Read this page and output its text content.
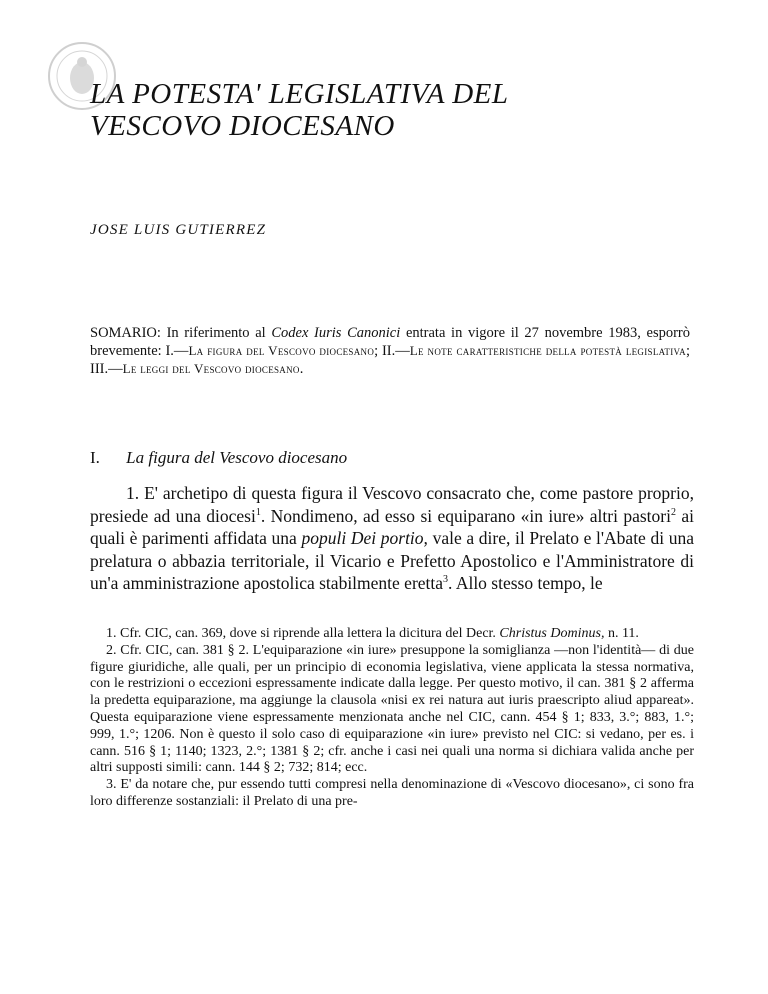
LA POTESTA' LEGISLATIVA DEL
VESCOVO DIOCESANO
JOSE LUIS GUTIERREZ
SOMARIO: In riferimento al Codex Iuris Canonici entrata in vigore il 27 novembre 1983, esporrò brevemente: I.—La figura del Vescovo diocesano; II.—Le note caratteristiche della potestà legislativa; III.—Le leggi del Vescovo diocesano.
I. La figura del Vescovo diocesano

1. E' archetipo di questa figura il Vescovo consacrato che, come pastore proprio, presiede ad una diocesi$^1$. Nondimeno, ad esso si equiparano «in iure» altri pastori$^2$ ai quali è parimenti affidata una populi Dei portio, vale a dire, il Prelato e l'Abate di una prelatura o abbazia territoriale, il Vicario e Prefetto Apostolico e l'Amministratore di un'a amministrazione apostolica stabilmente eretta$^3$. Allo stesso tempo, le

1. Cfr. CIC, can. 369, dove si riprende alla lettera la dicitura del Decr. Christus Dominus, n. 11.

2. Cfr. CIC, can. 381 § 2. L'equiparazione «in iure» presuppone la somiglianza —non l'identità— di due figure giuridiche, alle quali, per un principio di economia legislativa, viene applicata la stessa normativa, con le restrizioni o eccezioni espressamente indicate dalla legge. Per questo motivo, il can. 381 § 2 afferma la predetta equiparazione, ma aggiunge la clausola «nisi ex rei natura aut iuris praescripto aliud appareat». Questa equiparazione viene espressamente menzionata anche nel CIC, cann. 454 § 1; 833, 3.°; 883, 1.°; 999, 1.°; 1206. Non è questo il solo caso di equiparazione «in iure» previsto nel CIC: si vedano, per es. i cann. 516 § 1; 1140; 1323, 2.°; 1381 § 2; cfr. anche i casi nei quali una norma si dichiara valida anche per altri supposti simili: cann. 144 § 2; 732; 814; ecc.

3. E' da notare che, pur essendo tutti compresi nella denominazione di «Vescovo diocesano», ci sono fra loro differenze sostanziali: il Prelato di una pre-
